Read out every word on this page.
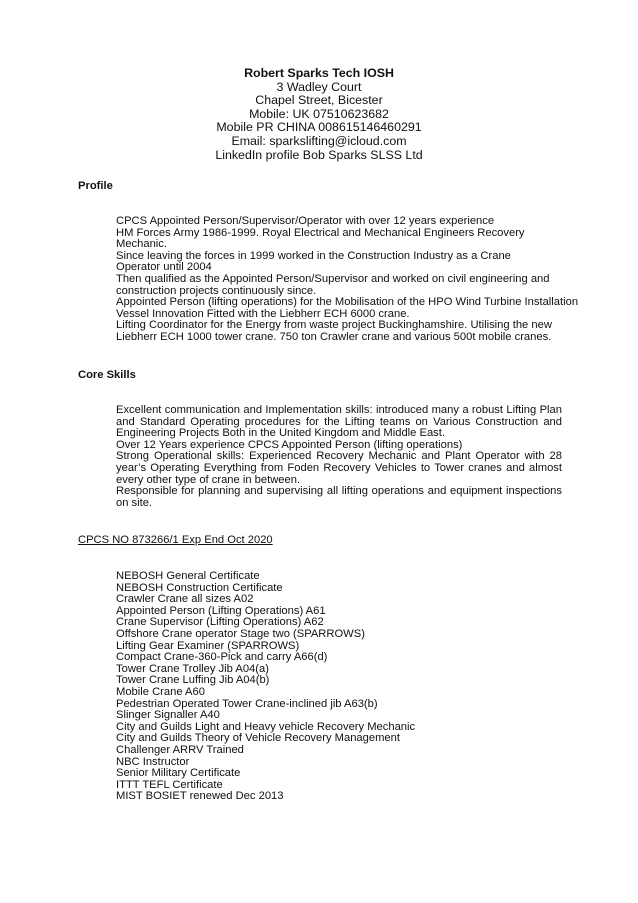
Robert Sparks Tech IOSH
3 Wadley Court
Chapel Street, Bicester
Mobile: UK 07510623682
Mobile PR CHINA 008615146460291
Email: sparkslifting@icloud.com
LinkedIn profile Bob Sparks SLSS Ltd
Profile

CPCS Appointed Person/Supervisor/Operator with over 12 years experience

HM Forces Army 1986-1999. Royal Electrical and Mechanical Engineers Recovery

Mechanic.

Since leaving the forces in 1999 worked in the Construction Industry as a Crane

Operator until 2004

Then qualified as the Appointed Person/Supervisor and worked on civil engineering and

construction projects continuously since.

Appointed Person (lifting operations) for the Mobilisation of the HPO Wind Turbine Installation

Vessel Innovation Fitted with the Liebherr ECH 6000 crane.

Lifting Coordinator for the Energy from waste project Buckinghamshire. Utilising the new

Liebherr ECH 1000 tower crane. 750 ton Crawler crane and various 500t mobile cranes.

Core Skills

Excellent communication and Implementation skills: introduced many a robust Lifting Plan and Standard Operating procedures for the Lifting teams on Various Construction and Engineering Projects Both in the United Kingdom and Middle East.

Over 12 Years experience CPCS Appointed Person (lifting operations)

Strong Operational skills: Experienced Recovery Mechanic and Plant Operator with 28 year’s Operating Everything from Foden Recovery Vehicles to Tower cranes and almost every other type of crane in between.

Responsible for planning and supervising all lifting operations and equipment inspections on site.

CPCS NO 873266/1 Exp End Oct 2020
NEBOSH General Certificate
NEBOSH Construction Certificate
Crawler Crane all sizes A02
Appointed Person (Lifting Operations) A61
Crane Supervisor (Lifting Operations) A62
Offshore Crane operator Stage two (SPARROWS)
Lifting Gear Examiner (SPARROWS)
Compact Crane-360-Pick and carry A66(d)
Tower Crane Trolley Jib A04(a)
Tower Crane Luffing Jib A04(b)
Mobile Crane A60
Pedestrian Operated Tower Crane-inclined jib A63(b)
Slinger Signaller A40
City and Guilds Light and Heavy vehicle Recovery Mechanic
City and Guilds Theory of Vehicle Recovery Management
Challenger ARRV Trained
NBC Instructor
Senior Military Certificate
ITTT TEFL Certificate
MIST BOSIET renewed Dec 2013
